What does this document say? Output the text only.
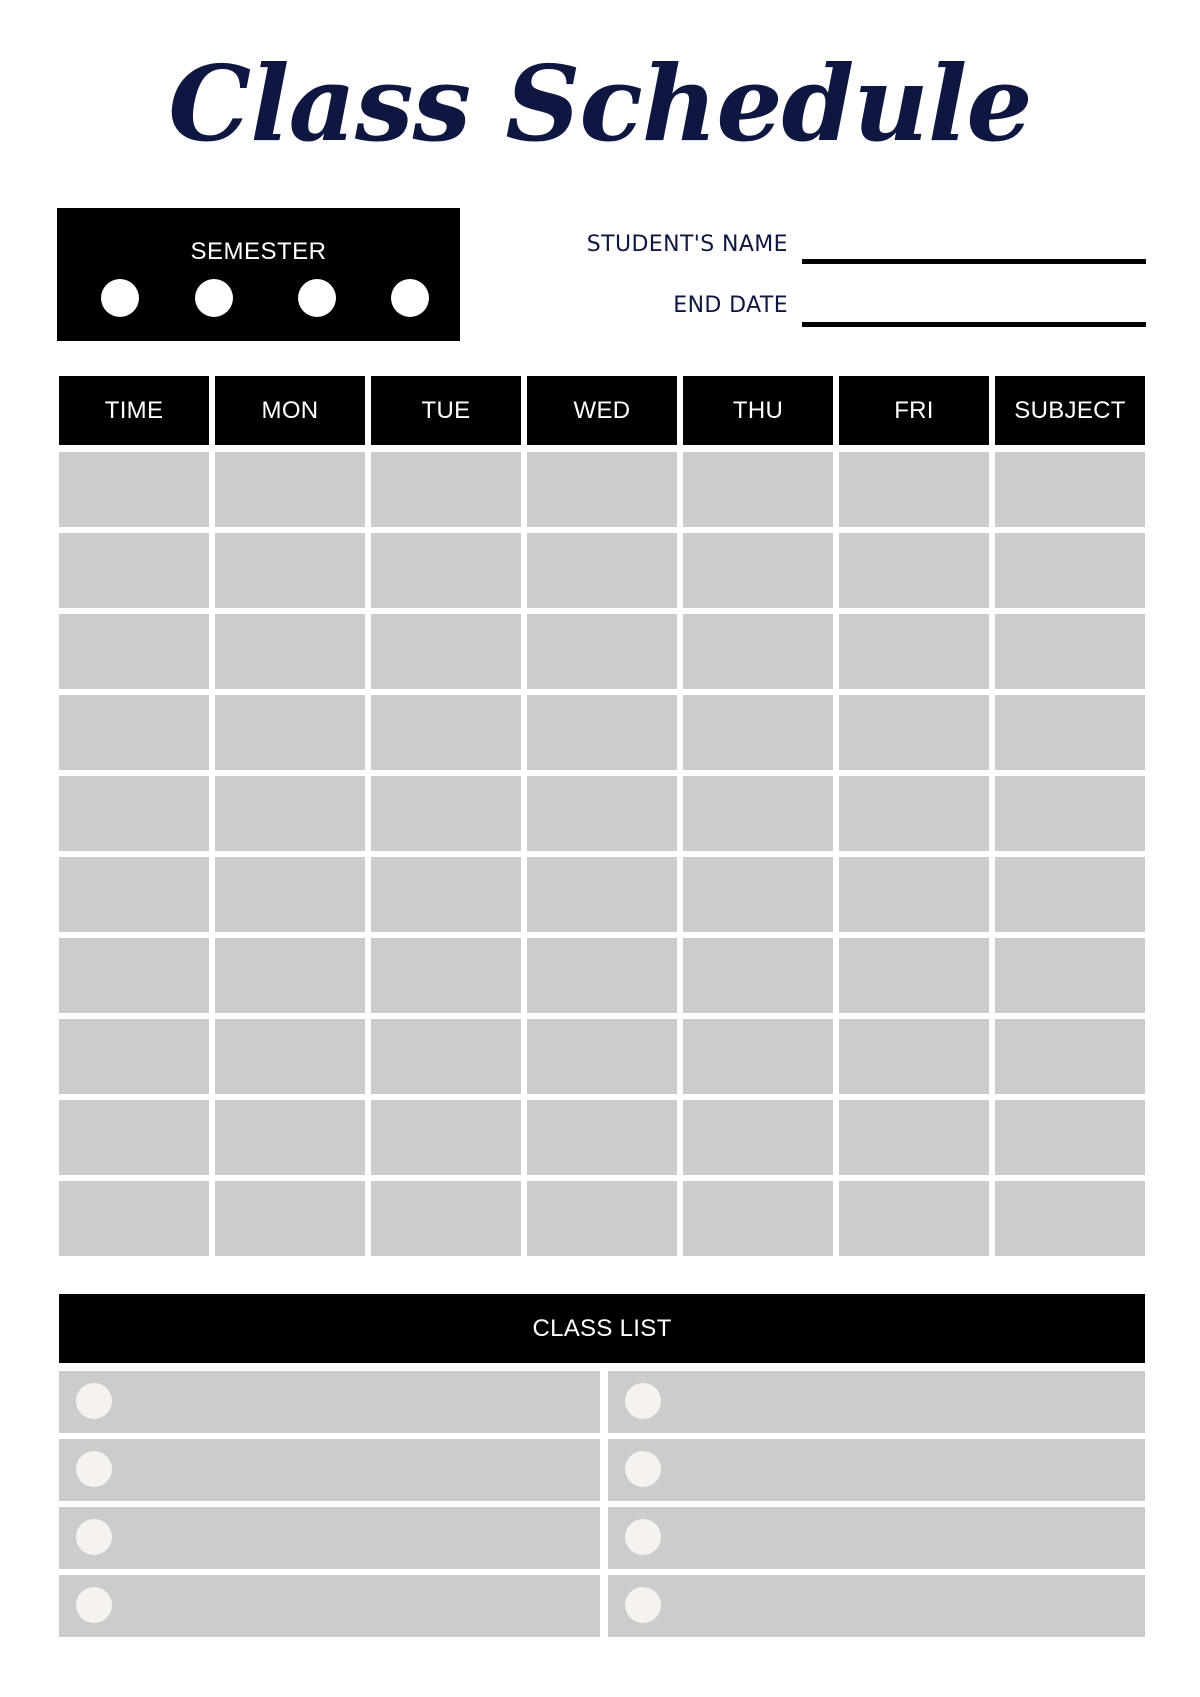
Class Schedule
SEMESTER	STUDENT'S NAME
END DATE
TIME	MON	TUE	WED	THU	FRI	SUBJECT
CLASS LIST
